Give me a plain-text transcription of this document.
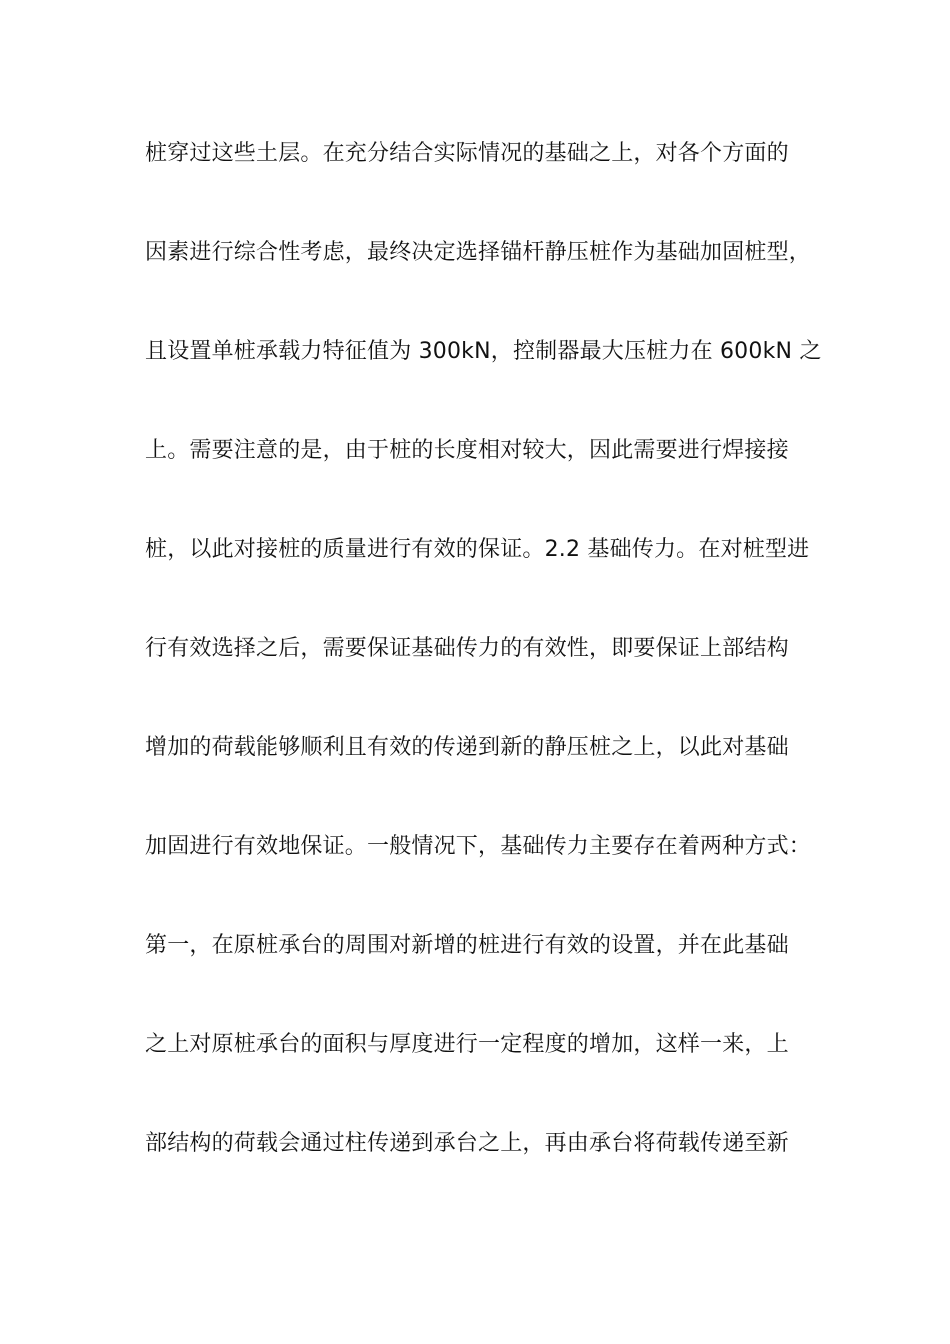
桩穿过这些土层。在充分结合实际情况的基础之上，对各个方面的
因素进行综合性考虑，最终决定选择锚杆静压桩作为基础加固桩型，
且设置单桩承载力特征值为 300kN，控制器最大压桩力在 600kN 之
上。需要注意的是，由于桩的长度相对较大，因此需要进行焊接接
桩，以此对接桩的质量进行有效的保证。2.2 基础传力。在对桩型进
行有效选择之后，需要保证基础传力的有效性，即要保证上部结构
增加的荷载能够顺利且有效的传递到新的静压桩之上，以此对基础
加固进行有效地保证。一般情况下，基础传力主要存在着两种方式：
第一，在原桩承台的周围对新增的桩进行有效的设置，并在此基础
之上对原桩承台的面积与厚度进行一定程度的增加，这样一来，上
部结构的荷载会通过柱传递到承台之上，再由承台将荷载传递至新
